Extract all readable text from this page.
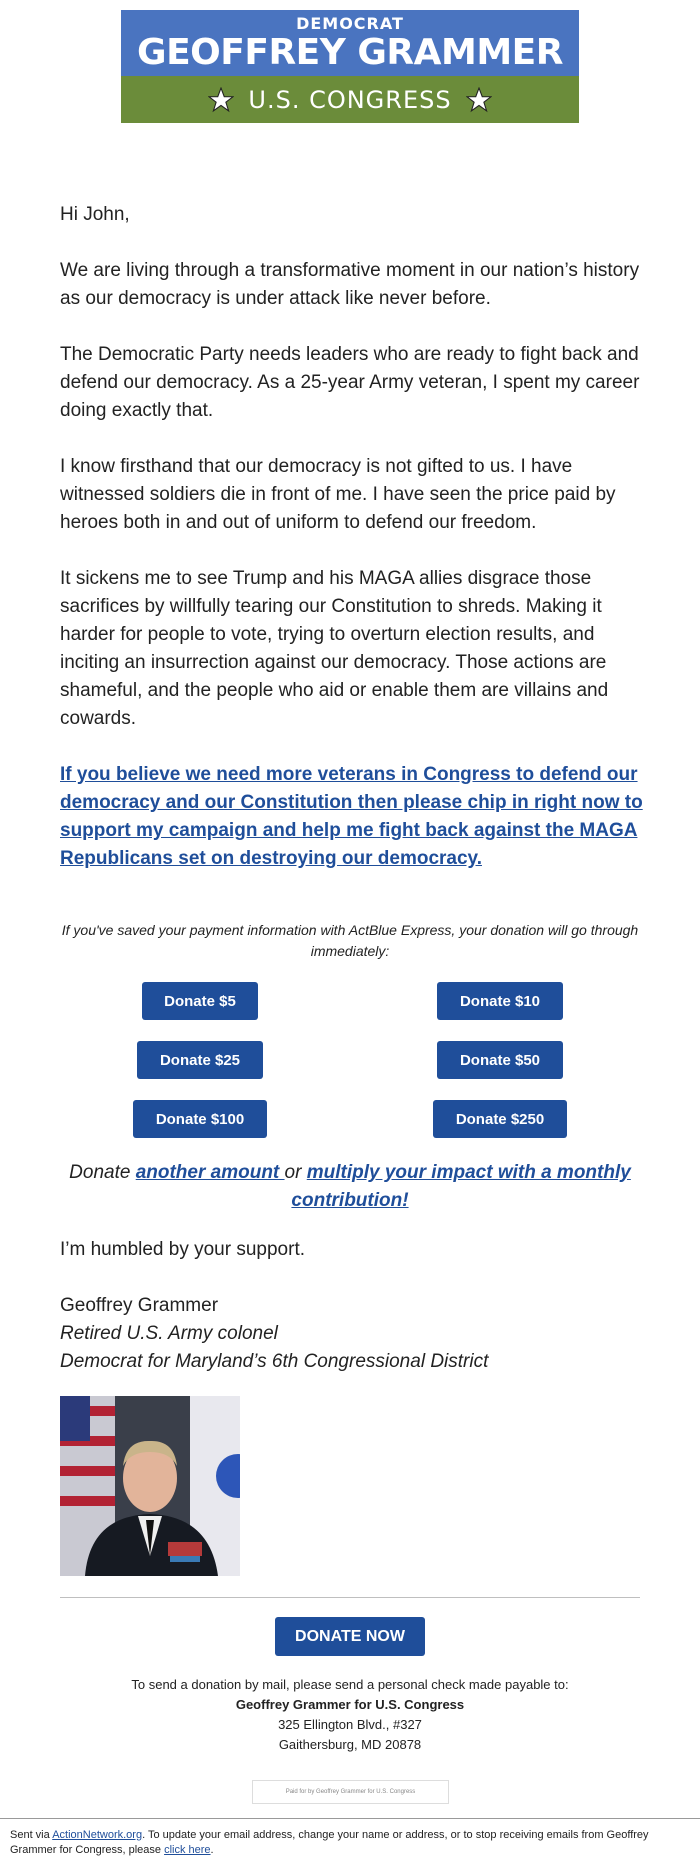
DEMOCRAT
GEOFFREY GRAMMER
U.S. CONGRESS

Hi John,

We are living through a transformative moment in our nation’s history as our democracy is under attack like never before.

The Democratic Party needs leaders who are ready to fight back and defend our democracy. As a 25-year Army veteran, I spent my career doing exactly that.

I know firsthand that our democracy is not gifted to us. I have witnessed soldiers die in front of me. I have seen the price paid by heroes both in and out of uniform to defend our freedom.

It sickens me to see Trump and his MAGA allies disgrace those sacrifices by willfully tearing our Constitution to shreds. Making it harder for people to vote, trying to overturn election results, and inciting an insurrection against our democracy. Those actions are shameful, and the people who aid or enable them are villains and cowards.

If you believe we need more veterans in Congress to defend our democracy and our Constitution then please chip in right now to support my campaign and help me fight back against the MAGA Republicans set on destroying our democracy.
If you've saved your payment information with ActBlue Express, your donation will go through immediately:
Donate $5	Donate $10
Donate $25	Donate $50
Donate $100	Donate $250
Donate another amount or multiply your impact with a monthly contribution!

I’m humbled by your support.

Geoffrey Grammer
Retired U.S. Army colonel
Democrat for Maryland’s 6th Congressional District
DONATE NOW
To send a donation by mail, please send a personal check made payable to:
Geoffrey Grammer for U.S. Congress
325 Ellington Blvd., #327
Gaithersburg, MD 20878
Paid for by Geoffrey Grammer for U.S. Congress
Sent via ActionNetwork.org. To update your email address, change your name or address, or to stop receiving emails from Geoffrey Grammer for Congress, please click here.
